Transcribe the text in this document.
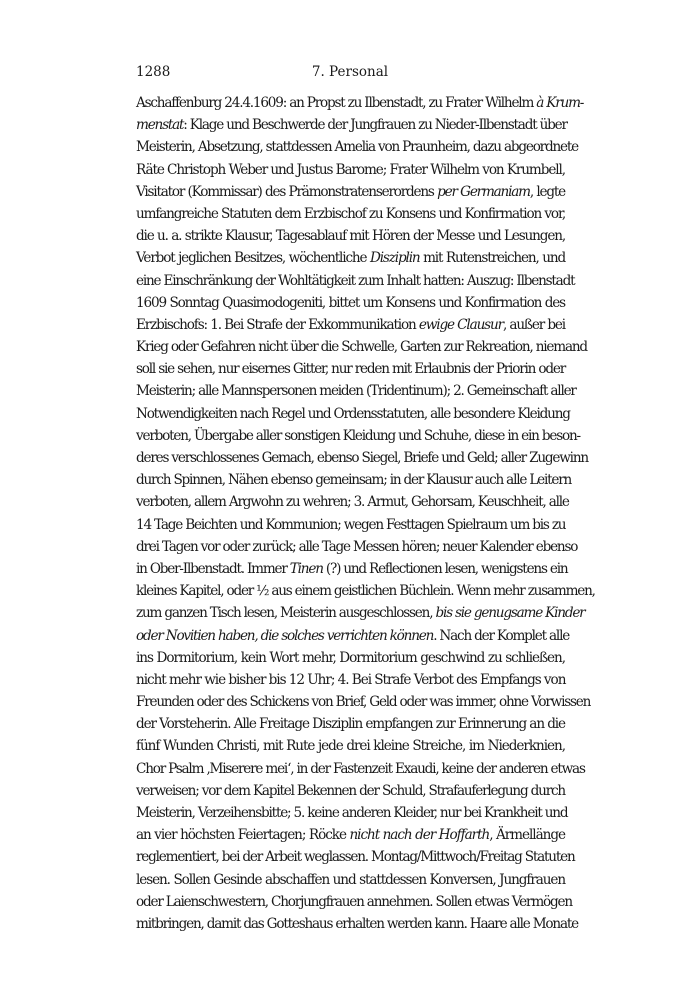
1288	7. Personal
Aschaffenburg 24.4.1609: an Propst zu Ilbenstadt, zu Frater Wilhelm à Krum-
menstat: Klage und Beschwerde der Jungfrauen zu Nieder-Ilbenstadt über
Meisterin, Absetzung, stattdessen Amelia von Praunheim, dazu abgeordnete
Räte Christoph Weber und Justus Barome; Frater Wilhelm von Krumbell,
Visitator (Kommissar) des Prämonstratenserordens per Germaniam, legte
umfangreiche Statuten dem Erzbischof zu Konsens und Konfirmation vor,
die u. a. strikte Klausur, Tagesablauf mit Hören der Messe und Lesungen,
Verbot jeglichen Besitzes, wöchentliche Disziplin mit Rutenstreichen, und
eine Einschränkung der Wohltätigkeit zum Inhalt hatten: Auszug: Ilbenstadt
1609 Sonntag Quasimodogeniti, bittet um Konsens und Konfirmation des
Erzbischofs: 1. Bei Strafe der Exkommunikation ewige Clausur, außer bei
Krieg oder Gefahren nicht über die Schwelle, Garten zur Rekreation, niemand
soll sie sehen, nur eisernes Gitter, nur reden mit Erlaubnis der Priorin oder
Meisterin; alle Mannspersonen meiden (Tridentinum); 2. Gemeinschaft aller
Notwendigkeiten nach Regel und Ordensstatuten, alle besondere Kleidung
verboten, Übergabe aller sonstigen Kleidung und Schuhe, diese in ein beson-
deres verschlossenes Gemach, ebenso Siegel, Briefe und Geld; aller Zugewinn
durch Spinnen, Nähen ebenso gemeinsam; in der Klausur auch alle Leitern
verboten, allem Argwohn zu wehren; 3. Armut, Gehorsam, Keuschheit, alle
14 Tage Beichten und Kommunion; wegen Festtagen Spielraum um bis zu
drei Tagen vor oder zurück; alle Tage Messen hören; neuer Kalender ebenso
in Ober-Ilbenstadt. Immer Tinen (?) und Reflectionen lesen, wenigstens ein
kleines Kapitel, oder ½ aus einem geistlichen Büchlein. Wenn mehr zusammen,
zum ganzen Tisch lesen, Meisterin ausgeschlossen, bis sie genugsame Kinder
oder Novitien haben, die solches verrichten können. Nach der Komplet alle
ins Dormitorium, kein Wort mehr, Dormitorium geschwind zu schließen,
nicht mehr wie bisher bis 12 Uhr; 4. Bei Strafe Verbot des Empfangs von
Freunden oder des Schickens von Brief, Geld oder was immer, ohne Vorwissen
der Vorsteherin. Alle Freitage Disziplin empfangen zur Erinnerung an die
fünf Wunden Christi, mit Rute jede drei kleine Streiche, im Niederknien,
Chor Psalm ‚Miserere mei‘, in der Fastenzeit Exaudi, keine der anderen etwas
verweisen; vor dem Kapitel Bekennen der Schuld, Strafauferlegung durch
Meisterin, Verzeihensbitte; 5. keine anderen Kleider, nur bei Krankheit und
an vier höchsten Feiertagen; Röcke nicht nach der Hoffarth, Ärmellänge
reglementiert, bei der Arbeit weglassen. Montag/Mittwoch/Freitag Statuten
lesen. Sollen Gesinde abschaffen und stattdessen Konversen, Jungfrauen
oder Laienschwestern, Chorjungfrauen annehmen. Sollen etwas Vermögen
mitbringen, damit das Gotteshaus erhalten werden kann. Haare alle Monate
